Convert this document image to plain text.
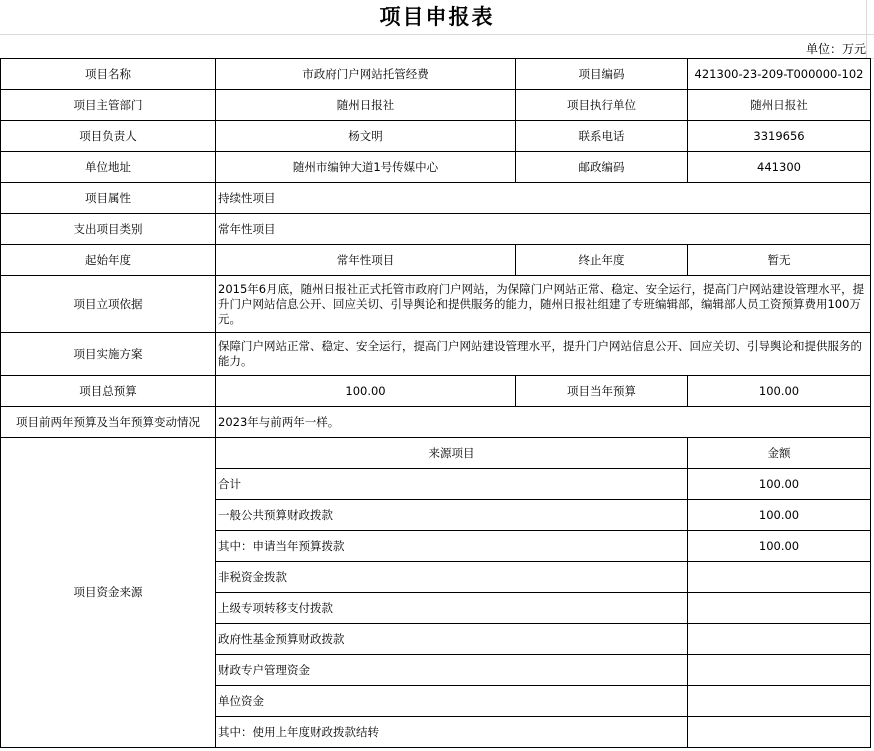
项目申报表
单位：万元
项目名称	市政府门户网站托管经费	项目编码	421300-23-209-T000000-102
项目主管部门	随州日报社	项目执行单位	随州日报社
项目负责人	杨文明	联系电话	3319656
单位地址	随州市编钟大道1号传媒中心	邮政编码	441300
项目属性	持续性项目		
支出项目类别	常年性项目		
起始年度	常年性项目	终止年度	暂无
项目立项依据	2015年6月底，随州日报社正式托管市政府门户网站，为保障门户网站正常、稳定、安全运行，提高门户网站建设管理水平，提升门户网站信息公开、回应关切、引导舆论和提供服务的能力，随州日报社组建了专班编辑部，编辑部人员工资预算费用100万元。		
项目实施方案	保障门户网站正常、稳定、安全运行，提高门户网站建设管理水平，提升门户网站信息公开、回应关切、引导舆论和提供服务的能力。		
项目总预算	100.00	项目当年预算	100.00
项目前两年预算及当年预算变动情况	2023年与前两年一样。		
项目资金来源	来源项目		金额
	合计		100.00
	一般公共预算财政拨款		100.00
	其中：申请当年预算拨款		100.00
	非税资金拨款		
	上级专项转移支付拨款		
	政府性基金预算财政拨款		
	财政专户管理资金		
	单位资金		
	其中：使用上年度财政拨款结转		
